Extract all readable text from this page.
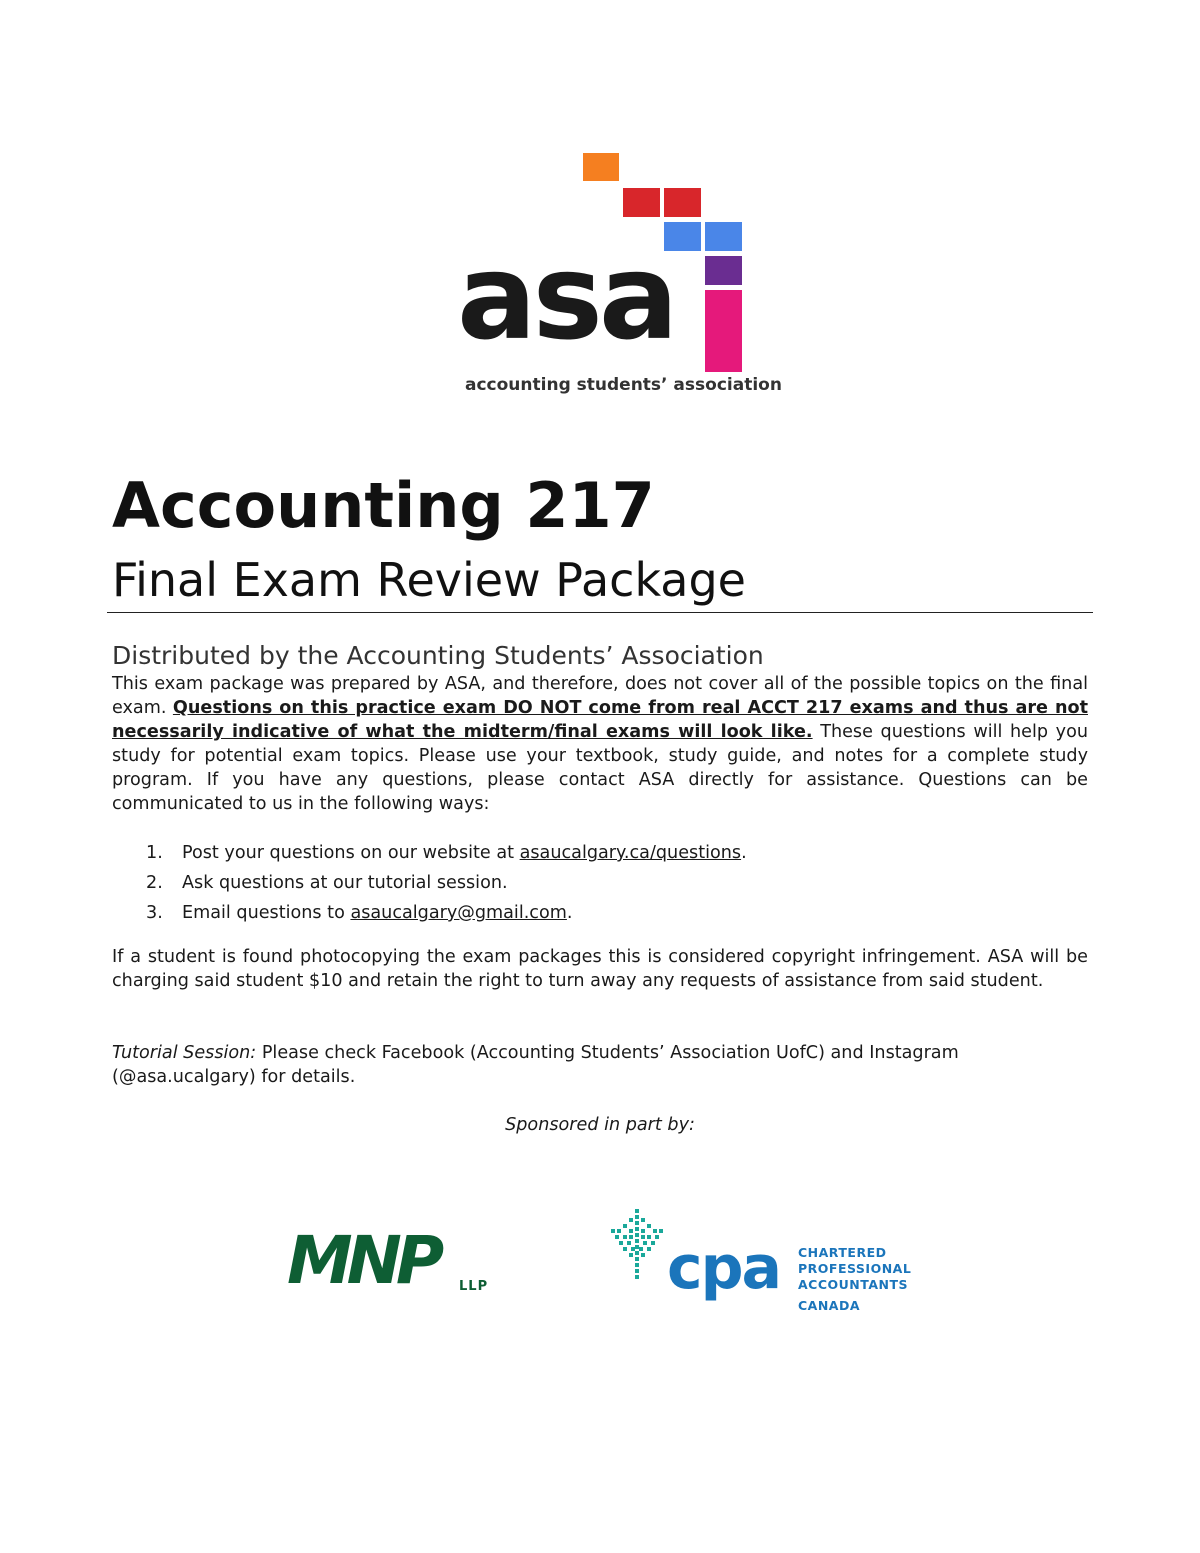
asa
accounting students’ association
Accounting 217
Final Exam Review Package
Distributed by the Accounting Students’ Association
This exam package was prepared by ASA, and therefore, does not cover all of the possible topics on the final exam. Questions on this practice exam DO NOT come from real ACCT 217 exams and thus are not necessarily indicative of what the midterm/final exams will look like. These questions will help you study for potential exam topics. Please use your textbook, study guide, and notes for a complete study program. If you have any questions, please contact ASA directly for assistance. Questions can be communicated to us in the following ways:
1. Post your questions on our website at asaucalgary.ca/questions.
2. Ask questions at our tutorial session.
3. Email questions to asaucalgary@gmail.com.
If a student is found photocopying the exam packages this is considered copyright infringement. ASA will be charging said student $10 and retain the right to turn away any requests of assistance from said student.
Tutorial Session: Please check Facebook (Accounting Students’ Association UofC) and Instagram (@asa.ucalgary) for details.
Sponsored in part by:
MNP LLP	cpa CHARTERED
PROFESSIONAL
ACCOUNTANTS
CANADA
